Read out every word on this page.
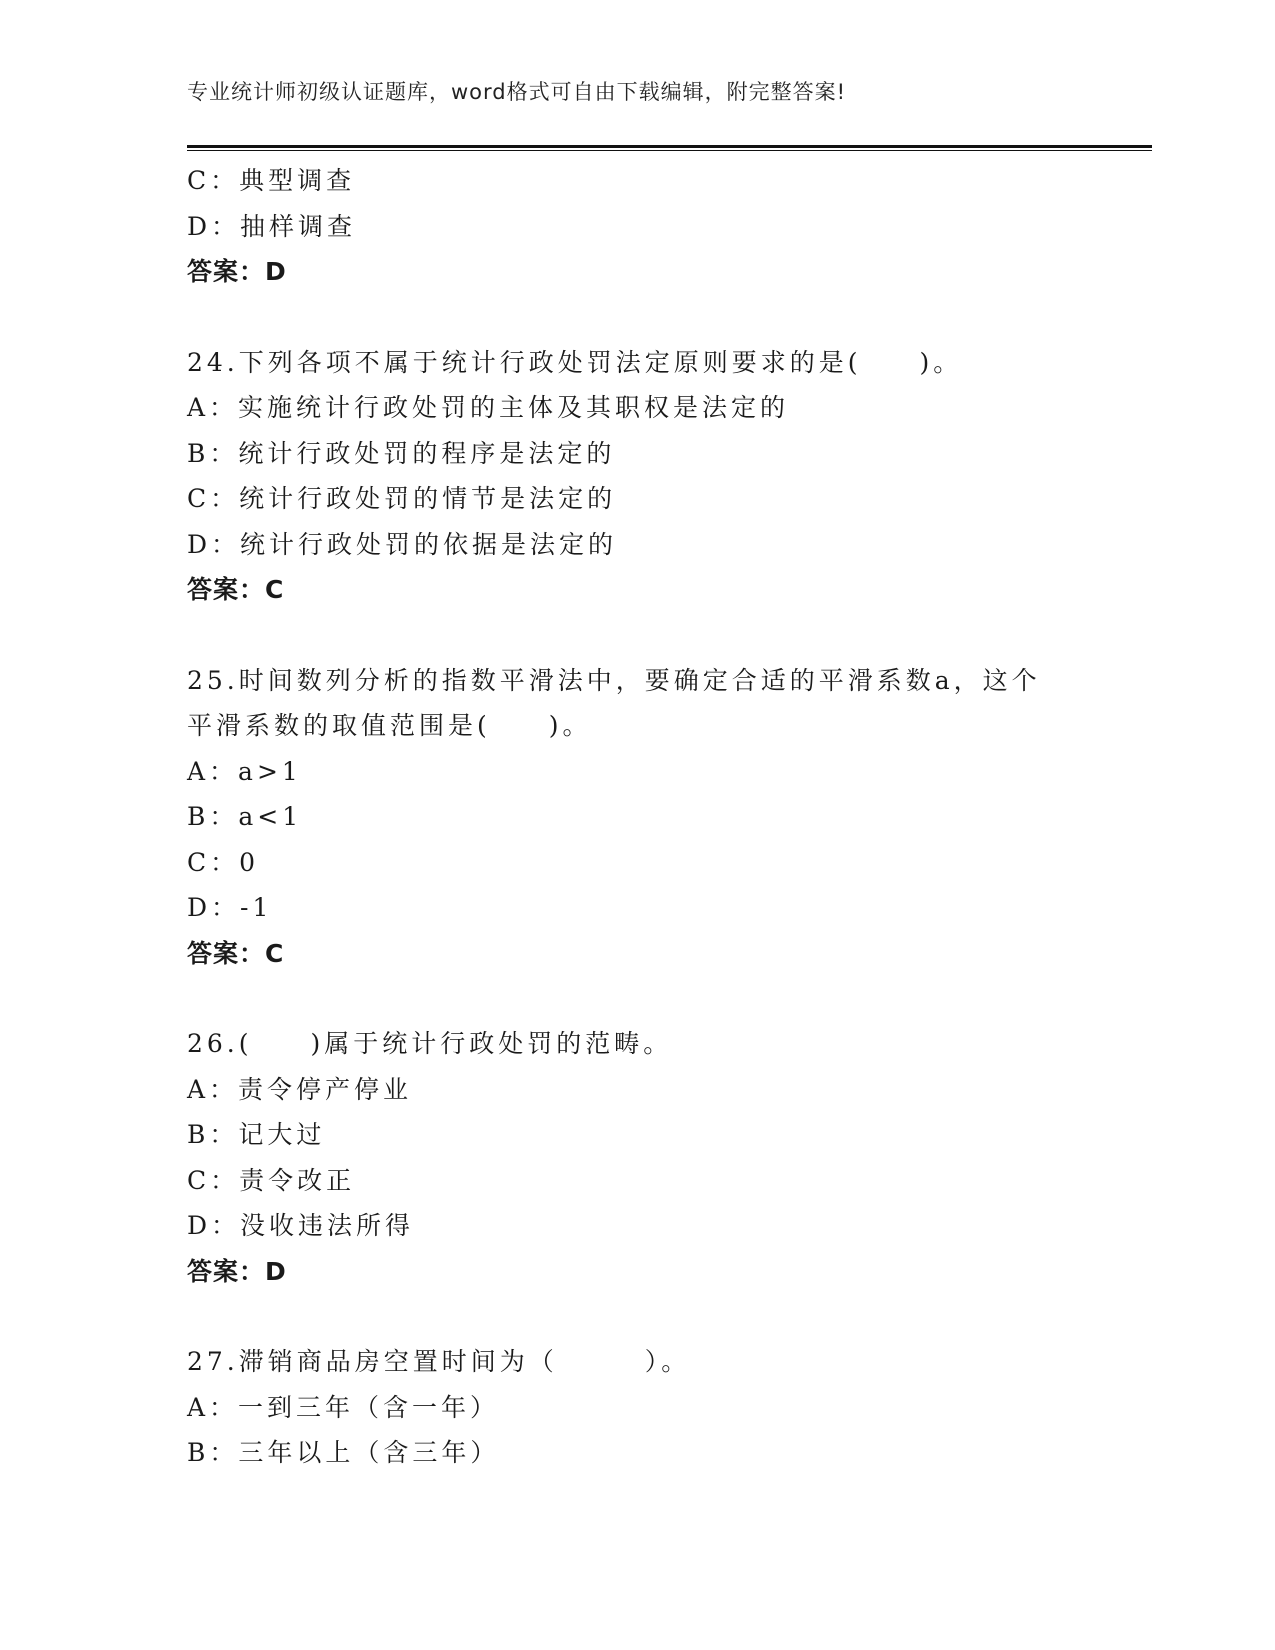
专业统计师初级认证题库，word格式可自由下载编辑，附完整答案!
C：典型调查
D：抽样调查
答案：D
24.下列各项不属于统计行政处罚法定原则要求的是(　　)。
A：实施统计行政处罚的主体及其职权是法定的
B：统计行政处罚的程序是法定的
C：统计行政处罚的情节是法定的
D：统计行政处罚的依据是法定的
答案：C
25.时间数列分析的指数平滑法中，要确定合适的平滑系数a，这个平滑系数的取值范围是(　　)。
A：a>1
B：a<1
C：0
D：-1
答案：C
26.(　　)属于统计行政处罚的范畴。
A：责令停产停业
B：记大过
C：责令改正
D：没收违法所得
答案：D
27.滞销商品房空置时间为（　　　）。
A：一到三年（含一年）
B：三年以上（含三年）
